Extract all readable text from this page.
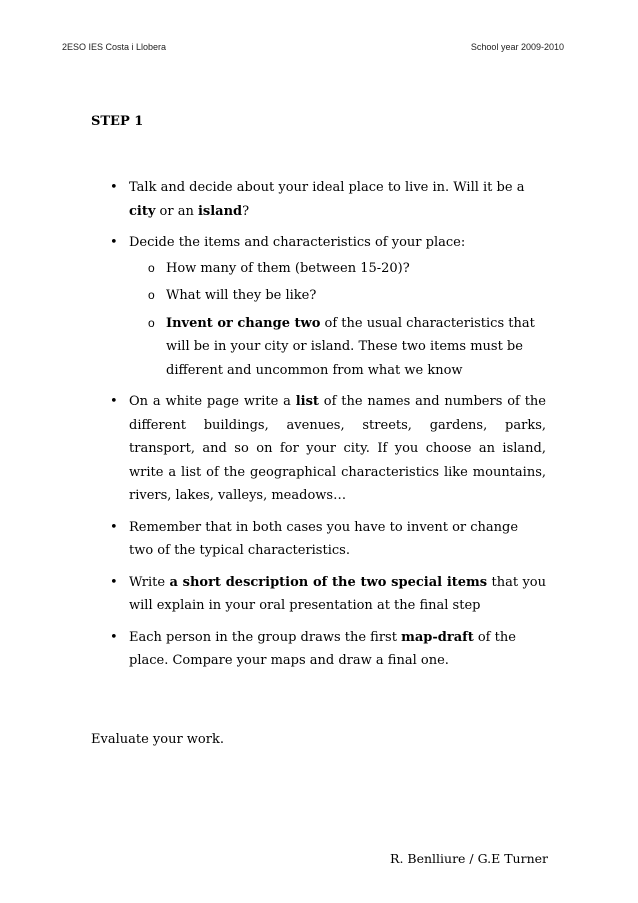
2ESO IES Costa i Llobera	School year 2009-2010
STEP 1
• Talk and decide about your ideal place to live in. Will it be a city or an island?
• Decide the items and characteristics of your place:
o How many of them (between 15-20)?
o What will they be like?
o Invent or change two of the usual characteristics that will be in your city or island. These two items must be different and uncommon from what we know
• On a white page write a list of the names and numbers of the different buildings, avenues, streets, gardens, parks, transport, and so on for your city. If you choose an island, write a list of the geographical characteristics like mountains, rivers, lakes, valleys, meadows…
• Remember that in both cases you have to invent or change two of the typical characteristics.
• Write a short description of the two special items that you will explain in your oral presentation at the final step
• Each person in the group draws the first map-draft of the place. Compare your maps and draw a final one.
Evaluate your work.
R. Benlliure / G.E Turner
